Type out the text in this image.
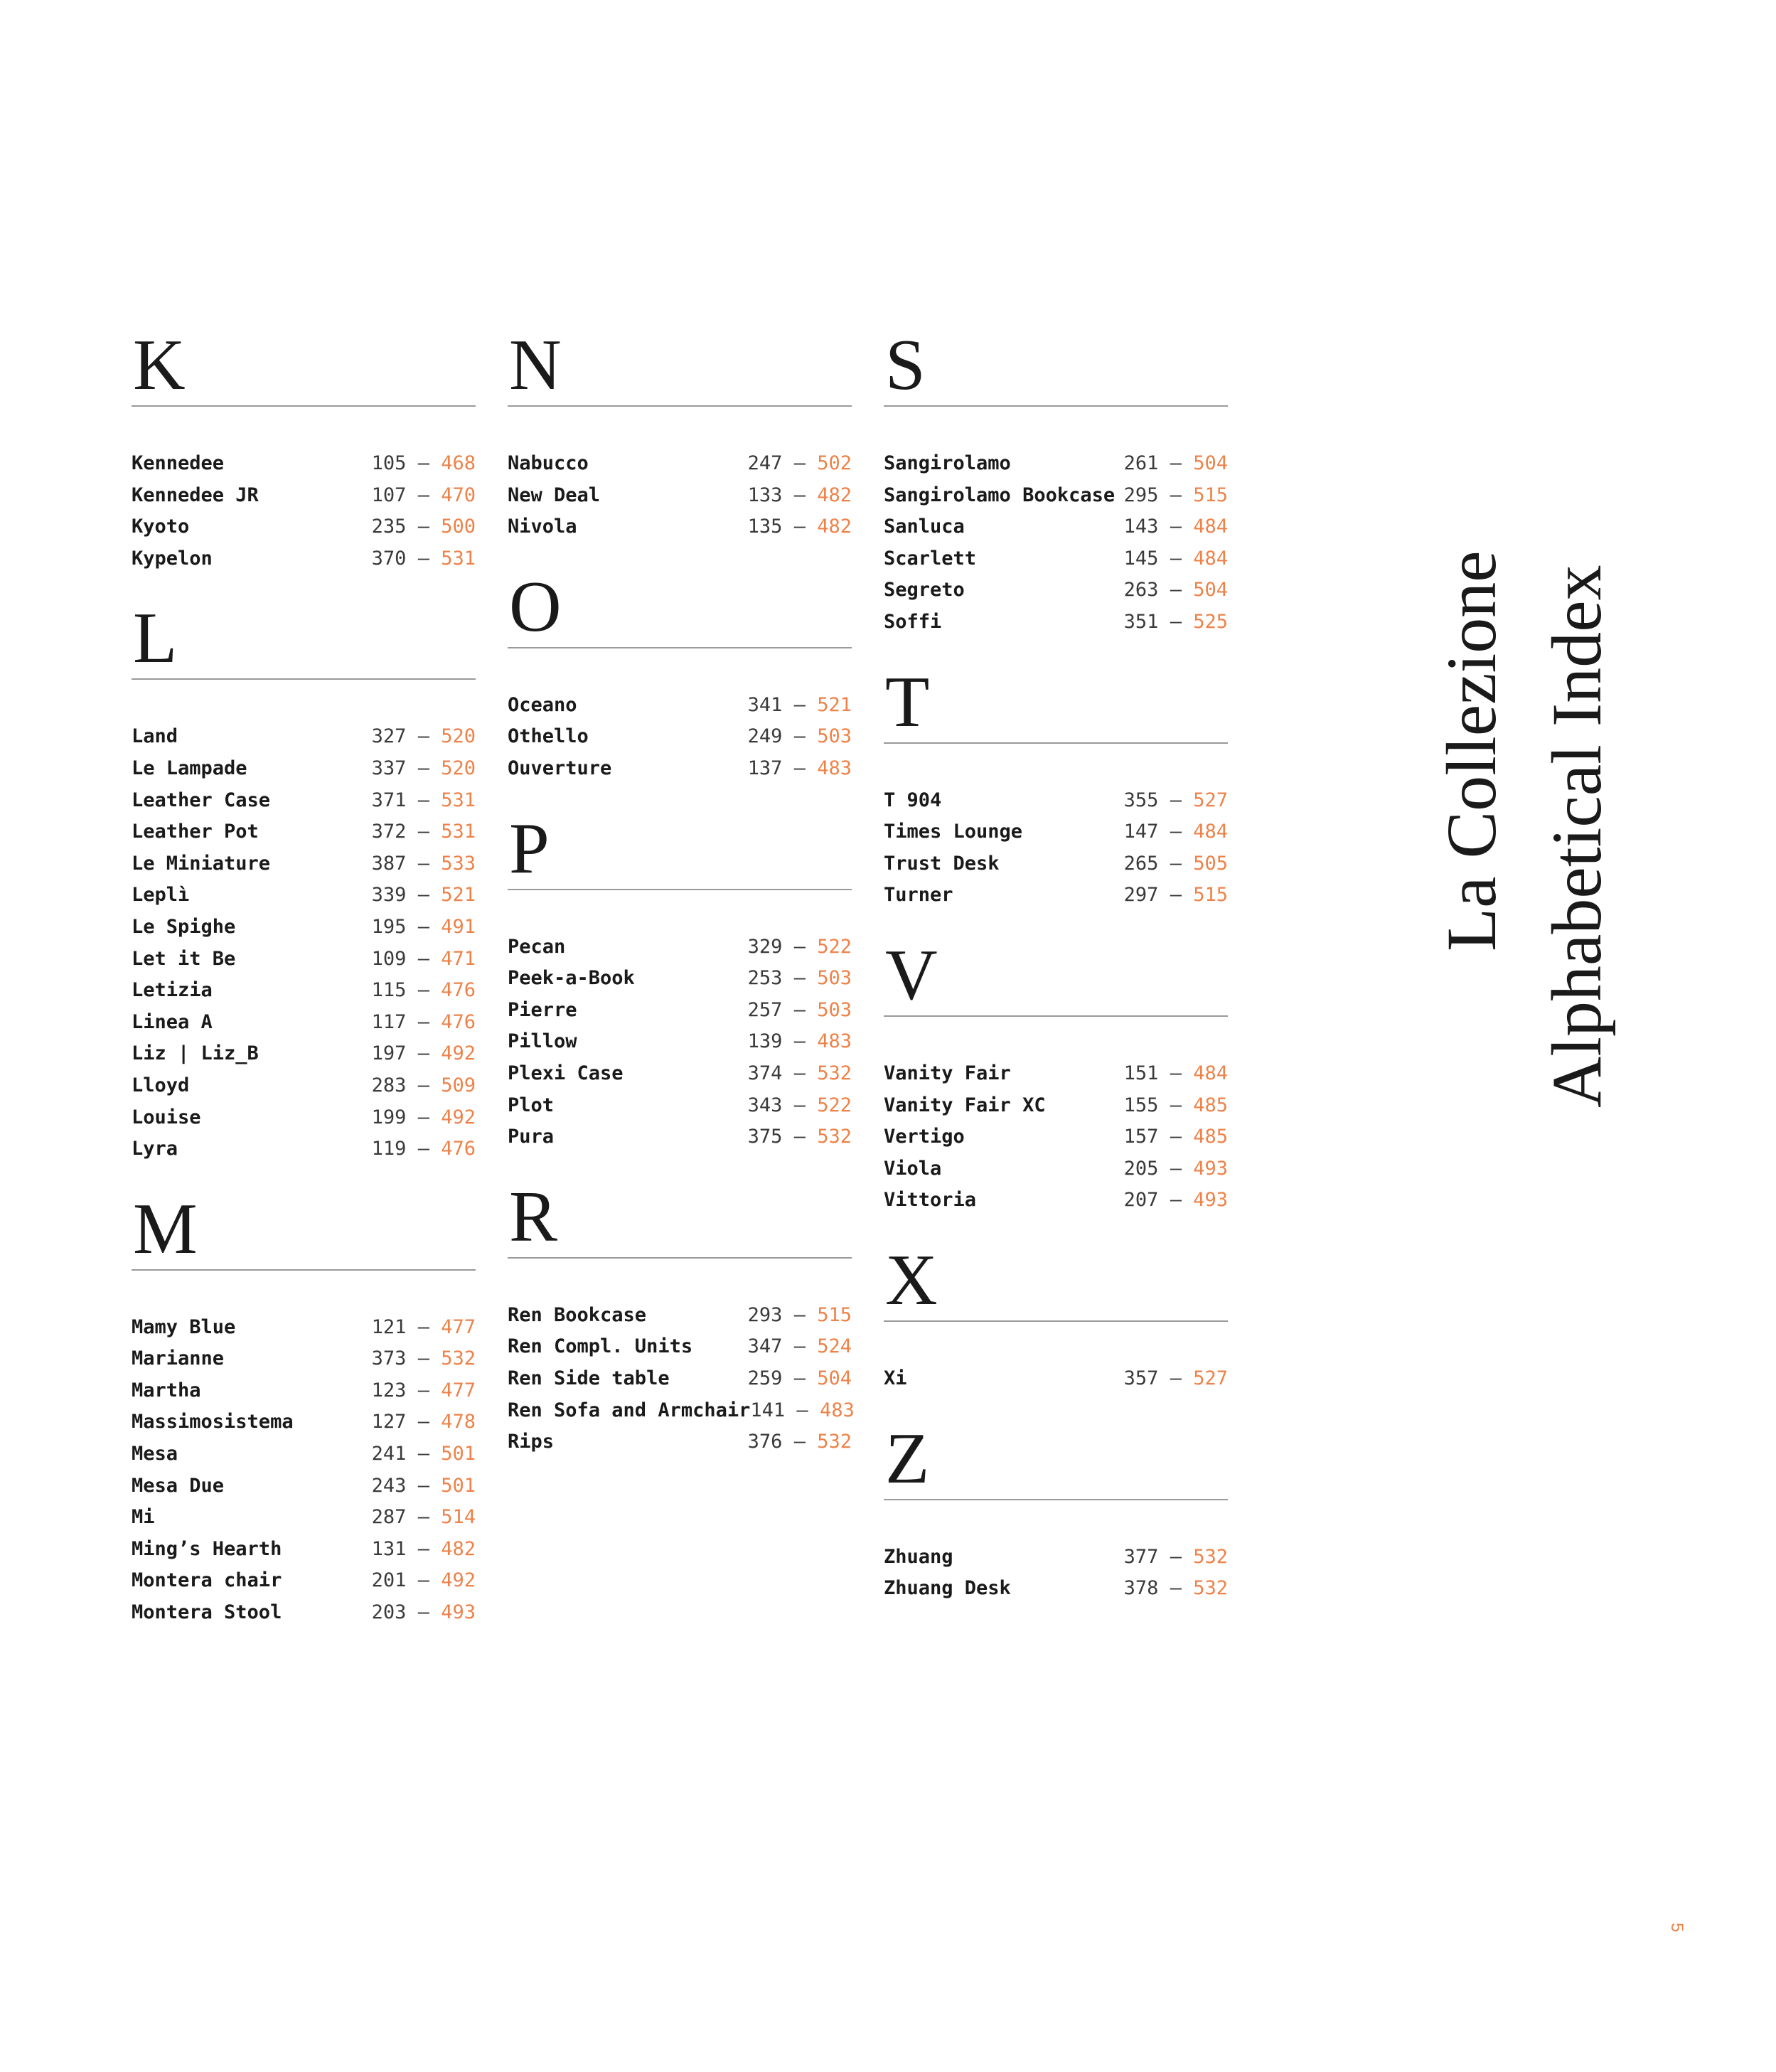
K
Kennedee	105 — 468
Kennedee JR	107 — 470
Kyoto	235 — 500
Kypelon	370 — 531
L
Land	327 — 520
Le Lampade	337 — 520
Leather Case	371 — 531
Leather Pot	372 — 531
Le Miniature	387 — 533
Leplì	339 — 521
Le Spighe	195 — 491
Let it Be	109 — 471
Letizia	115 — 476
Linea A	117 — 476
Liz | Liz_B	197 — 492
Lloyd	283 — 509
Louise	199 — 492
Lyra	119 — 476
M
Mamy Blue	121 — 477
Marianne	373 — 532
Martha	123 — 477
Massimosistema	127 — 478
Mesa	241 — 501
Mesa Due	243 — 501
Mi	287 — 514
Ming’s Hearth	131 — 482
Montera chair	201 — 492
Montera Stool	203 — 493
N
Nabucco	247 — 502
New Deal	133 — 482
Nivola	135 — 482
O
Oceano	341 — 521
Othello	249 — 503
Ouverture	137 — 483
P
Pecan	329 — 522
Peek-a-Book	253 — 503
Pierre	257 — 503
Pillow	139 — 483
Plexi Case	374 — 532
Plot	343 — 522
Pura	375 — 532
R
Ren Bookcase	293 — 515
Ren Compl. Units	347 — 524
Ren Side table	259 — 504
Ren Sofa and Armchair 141 — 483
Rips	376 — 532
S
Sangirolamo	261 — 504
Sangirolamo Bookcase 295 — 515
Sanluca	143 — 484
Scarlett	145 — 484
Segreto	263 — 504
Soffi	351 — 525
T
T 904	355 — 527
Times Lounge	147 — 484
Trust Desk	265 — 505
Turner	297 — 515
V
Vanity Fair	151 — 484
Vanity Fair XC	155 — 485
Vertigo	157 — 485
Viola	205 — 493
Vittoria	207 — 493
X
Xi	357 — 527
Z
Zhuang	377 — 532
Zhuang Desk	378 — 532
La Collezione Alphabetical Index
5
